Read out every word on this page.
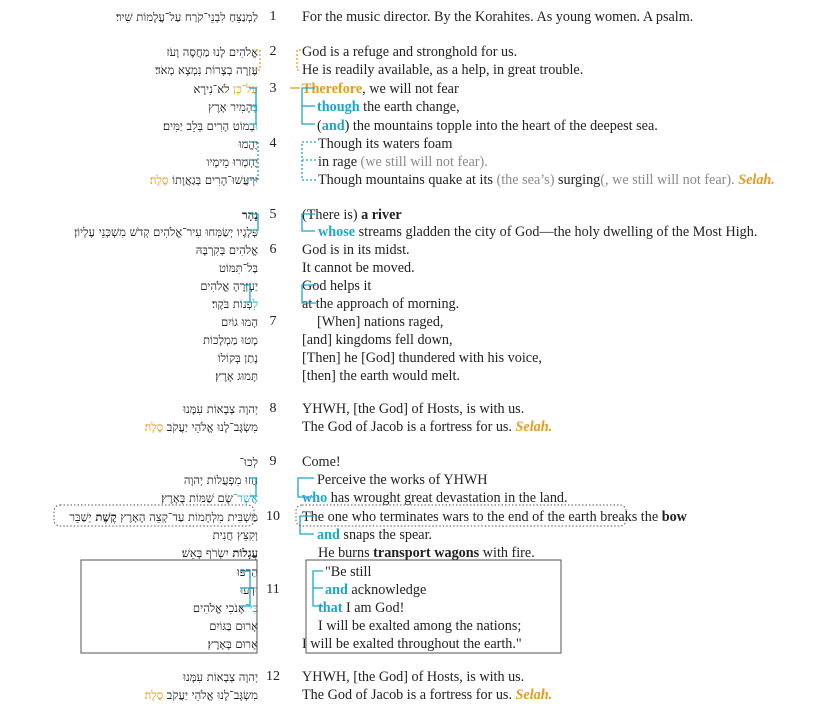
לַמְנַצֵּחַ לִבְנֵי־קֹרַח עַל־עֲלָמוֹת שִׁיר׃ 1	For the music director. By the Korahites. As young women. A psalm.
אֱלֹהִים לָנוּ מַחֲסֶה וָעֹז 2	God is a refuge and stronghold for us.
עֶזְרָה בְצָרוֹת נִמְצָא מְאֹד׃	He is readily available, as a help, in great trouble.
עַל־כֵּן לֹא־נִירָא	3	Therefore, we will not fear
בְּהָמִיר אָרֶץ	though the earth change,
וּבְמוֹט הָרִים בְּלֵב יַמִּים׃	(and) the mountains topple into the heart of the deepest sea.
יֶהֱמוּ 4	Though its waters foam
יֶחְמְרוּ מֵימָיו	in rage (we still will not fear).
יִרְעֲשׁוּ־הָרִים בְּגַאֲוָתוֹ סֶלָה׃	Though mountains quake at its (the sea’s) surging(, we still will not fear). Selah.
נָהָר 5	(There is) a river
פְּלָגָיו יְשַׂמְּחוּ עִיר־אֱלֹהִים קְדֹשׁ מִשְׁכְּנֵי עֶלְיוֹן׃	whose streams gladden the city of God—the holy dwelling of the Most High.
אֱלֹהִים בְּקִרְבָּהּ 6	God is in its midst.
בַּל־תִּמּוֹט	It cannot be moved.
יַעְזְרֶהָ אֱלֹהִים	God helps it
לִפְנוֹת בֹּקֶר׃	at the approach of morning.
הָמוּ גוֹיִם 7	[When] nations raged,
מָטוּ מַמְלָכוֹת	[and] kingdoms fell down,
נָתַן בְּקוֹלוֹ	[Then] he [God] thundered with his voice,
תָּמוּג אָרֶץ׃	[then] the earth would melt.
יְהוָה צְבָאוֹת עִמָּנוּ 8	YHWH, [the God] of Hosts, is with us.
מִשְׂגָּב־לָנוּ אֱלֹהֵי יַעֲקֹב סֶלָה׃	The God of Jacob is a fortress for us. Selah.
לְכוּ־ 9	Come!
חֲזוּ מִפְעֲלוֹת יְהוָה	Perceive the works of YHWH
אֲשֶׁר־שָׂם שַׁמּוֹת בָּאָרֶץ׃	who has wrought great devastation in the land.
מַשְׁבִּית מִלְחָמוֹת עַד־קְצֵה הָאָרֶץ קֶשֶׁת יְשַׁבֵּר	10	The one who terminates wars to the end of the earth breaks the bow
וְקִצֵּץ חֲנִית	and snaps the spear.
עֲגָלוֹת יִשְׂרֹף בָּאֵשׁ׃	He burns transport wagons with fire.
הַרְפּוּ	"Be still
וּדְעוּ 11	and acknowledge
כִּי־אָנֹכִי אֱלֹהִים	that I am God!
אָרוּם בַּגּוֹיִם	I will be exalted among the nations;
אָרוּם בָּאָרֶץ׃	I will be exalted throughout the earth."
יְהוָה צְבָאוֹת עִמָּנוּ 12	YHWH, [the God] of Hosts, is with us.
מִשְׂגָּב־לָנוּ אֱלֹהֵי יַעֲקֹב סֶלָה׃	The God of Jacob is a fortress for us. Selah.
